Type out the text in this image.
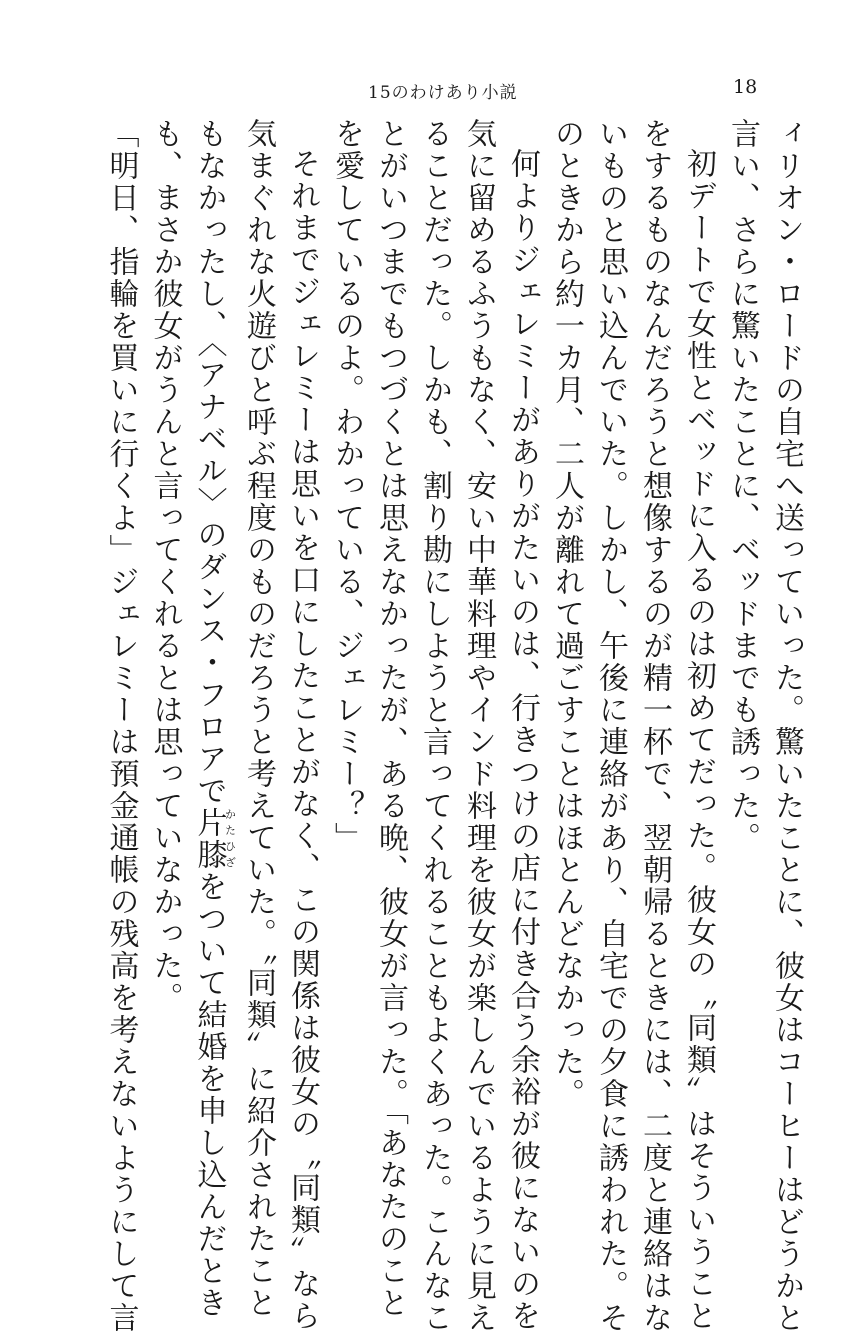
15のわけあり小説	18
ィリオン・ロードの自宅へ送っていった。驚いたことに、彼女はコーヒーはどうかと
言い、さらに驚いたことに、ベッドまでも誘った。
初デートで女性とベッドに入るのは初めてだった。彼女の〝同類〟はそういうこと
をするものなんだろうと想像するのが精一杯で、翌朝帰るときには、二度と連絡はな
いものと思い込んでいた。しかし、午後に連絡があり、自宅での夕食に誘われた。そ
のときから約一カ月、二人が離れて過ごすことはほとんどなかった。
何よりジェレミーがありがたいのは、行きつけの店に付き合う余裕が彼にないのを
気に留めるふうもなく、安い中華料理やインド料理を彼女が楽しんでいるように見え
ることだった。しかも、割り勘にしようと言ってくれることもよくあった。こんなこ
とがいつまでもつづくとは思えなかったが、ある晩、彼女が言った。「あなたのこと
を愛しているのよ。わかっている、ジェレミー？」
それまでジェレミーは思いを口にしたことがなく、この関係は彼女の〝同類〟なら
気まぐれな火遊びと呼ぶ程度のものだろうと考えていた。〝同類〟に紹介されたこと
もなかったし、〈アナベル〉のダンス・フロアで片膝かたひざをついて結婚を申し込んだとき
も、まさか彼女がうんと言ってくれるとは思っていなかった。
「明日、指輪を買いに行くよ」ジェレミーは預金通帳の残高を考えないようにして言
